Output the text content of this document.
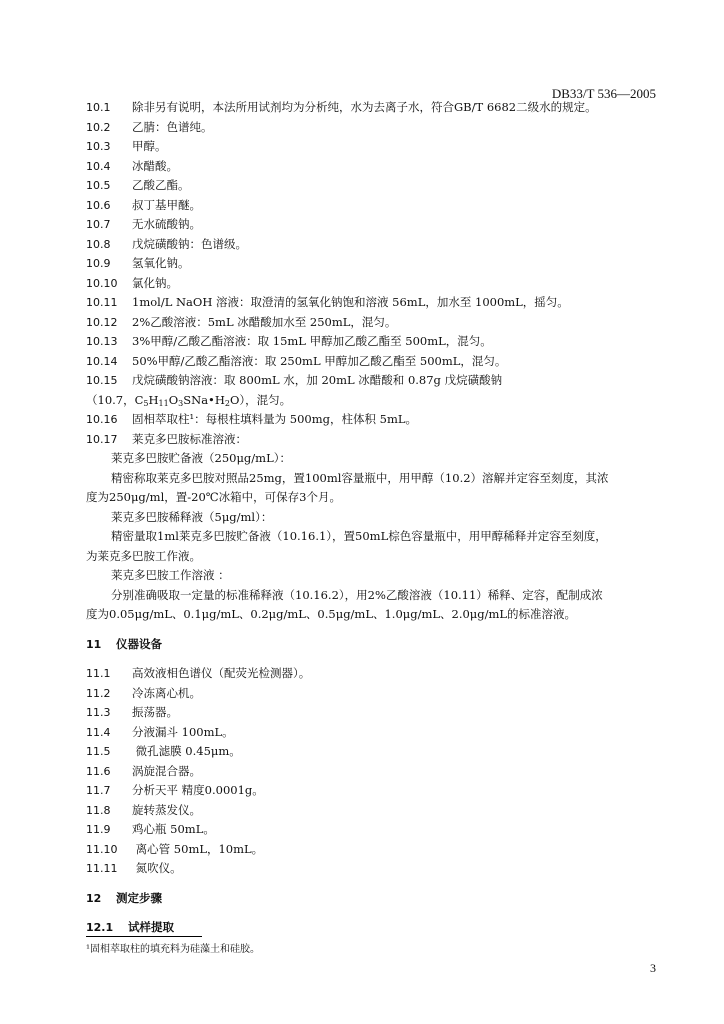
DB33/T 536—2005
10.1 除非另有说明，本法所用试剂均为分析纯，水为去离子水，符合GB/T 6682二级水的规定。
10.2 乙腈：色谱纯。
10.3 甲醇。
10.4 冰醋酸。
10.5 乙酸乙酯。
10.6 叔丁基甲醚。
10.7 无水硫酸钠。
10.8 戊烷磺酸钠：色谱级。
10.9 氢氧化钠。
10.10 氯化钠。
10.11 1mol/L NaOH 溶液：取澄清的氢氧化钠饱和溶液 56mL，加水至 1000mL，摇匀。
10.12 2%乙酸溶液：5mL 冰醋酸加水至 250mL，混匀。
10.13 3%甲醇/乙酸乙酯溶液：取 15mL 甲醇加乙酸乙酯至 500mL，混匀。
10.14 50%甲醇/乙酸乙酯溶液：取 250mL 甲醇加乙酸乙酯至 500mL，混匀。
10.15 戊烷磺酸钠溶液：取 800mL 水，加 20mL 冰醋酸和 0.87g 戊烷磺酸钠
（10.7，$C_5H_{11}O_3SNa•H_2O$），混匀。
10.16 固相萃取柱¹：每根柱填料量为 500mg，柱体积 5mL。
10.17 莱克多巴胺标准溶液：
莱克多巴胺贮备液（250μg/mL）：
精密称取莱克多巴胺对照品25mg，置100ml容量瓶中，用甲醇（10.2）溶解并定容至刻度，其浓
度为250μg/ml，置-20℃冰箱中，可保存3个月。
莱克多巴胺稀释液（5μg/ml）：
精密量取1ml莱克多巴胺贮备液（10.16.1），置50mL棕色容量瓶中，用甲醇稀释并定容至刻度，
为莱克多巴胺工作液。
莱克多巴胺工作溶液 ：
分别准确吸取一定量的标准稀释液（10.16.2），用2%乙酸溶液（10.11）稀释、定容，配制成浓
度为0.05μg/mL、0.1μg/mL、0.2μg/mL、0.5μg/mL、1.0μg/mL、2.0μg/mL的标准溶液。
11 仪器设备
11.1 高效液相色谱仪（配荧光检测器）。
11.2 冷冻离心机。
11.3 振荡器。
11.4 分液漏斗 100mL。
11.5 微孔滤膜 0.45μm。
11.6 涡旋混合器。
11.7 分析天平 精度0.0001g。
11.8 旋转蒸发仪。
11.9 鸡心瓶 50mL。
11.10 离心管 50mL，10mL。
11.11 氮吹仪。
12 测定步骤
12.1 试样提取
¹固相萃取柱的填充料为硅藻土和硅胶。
3
